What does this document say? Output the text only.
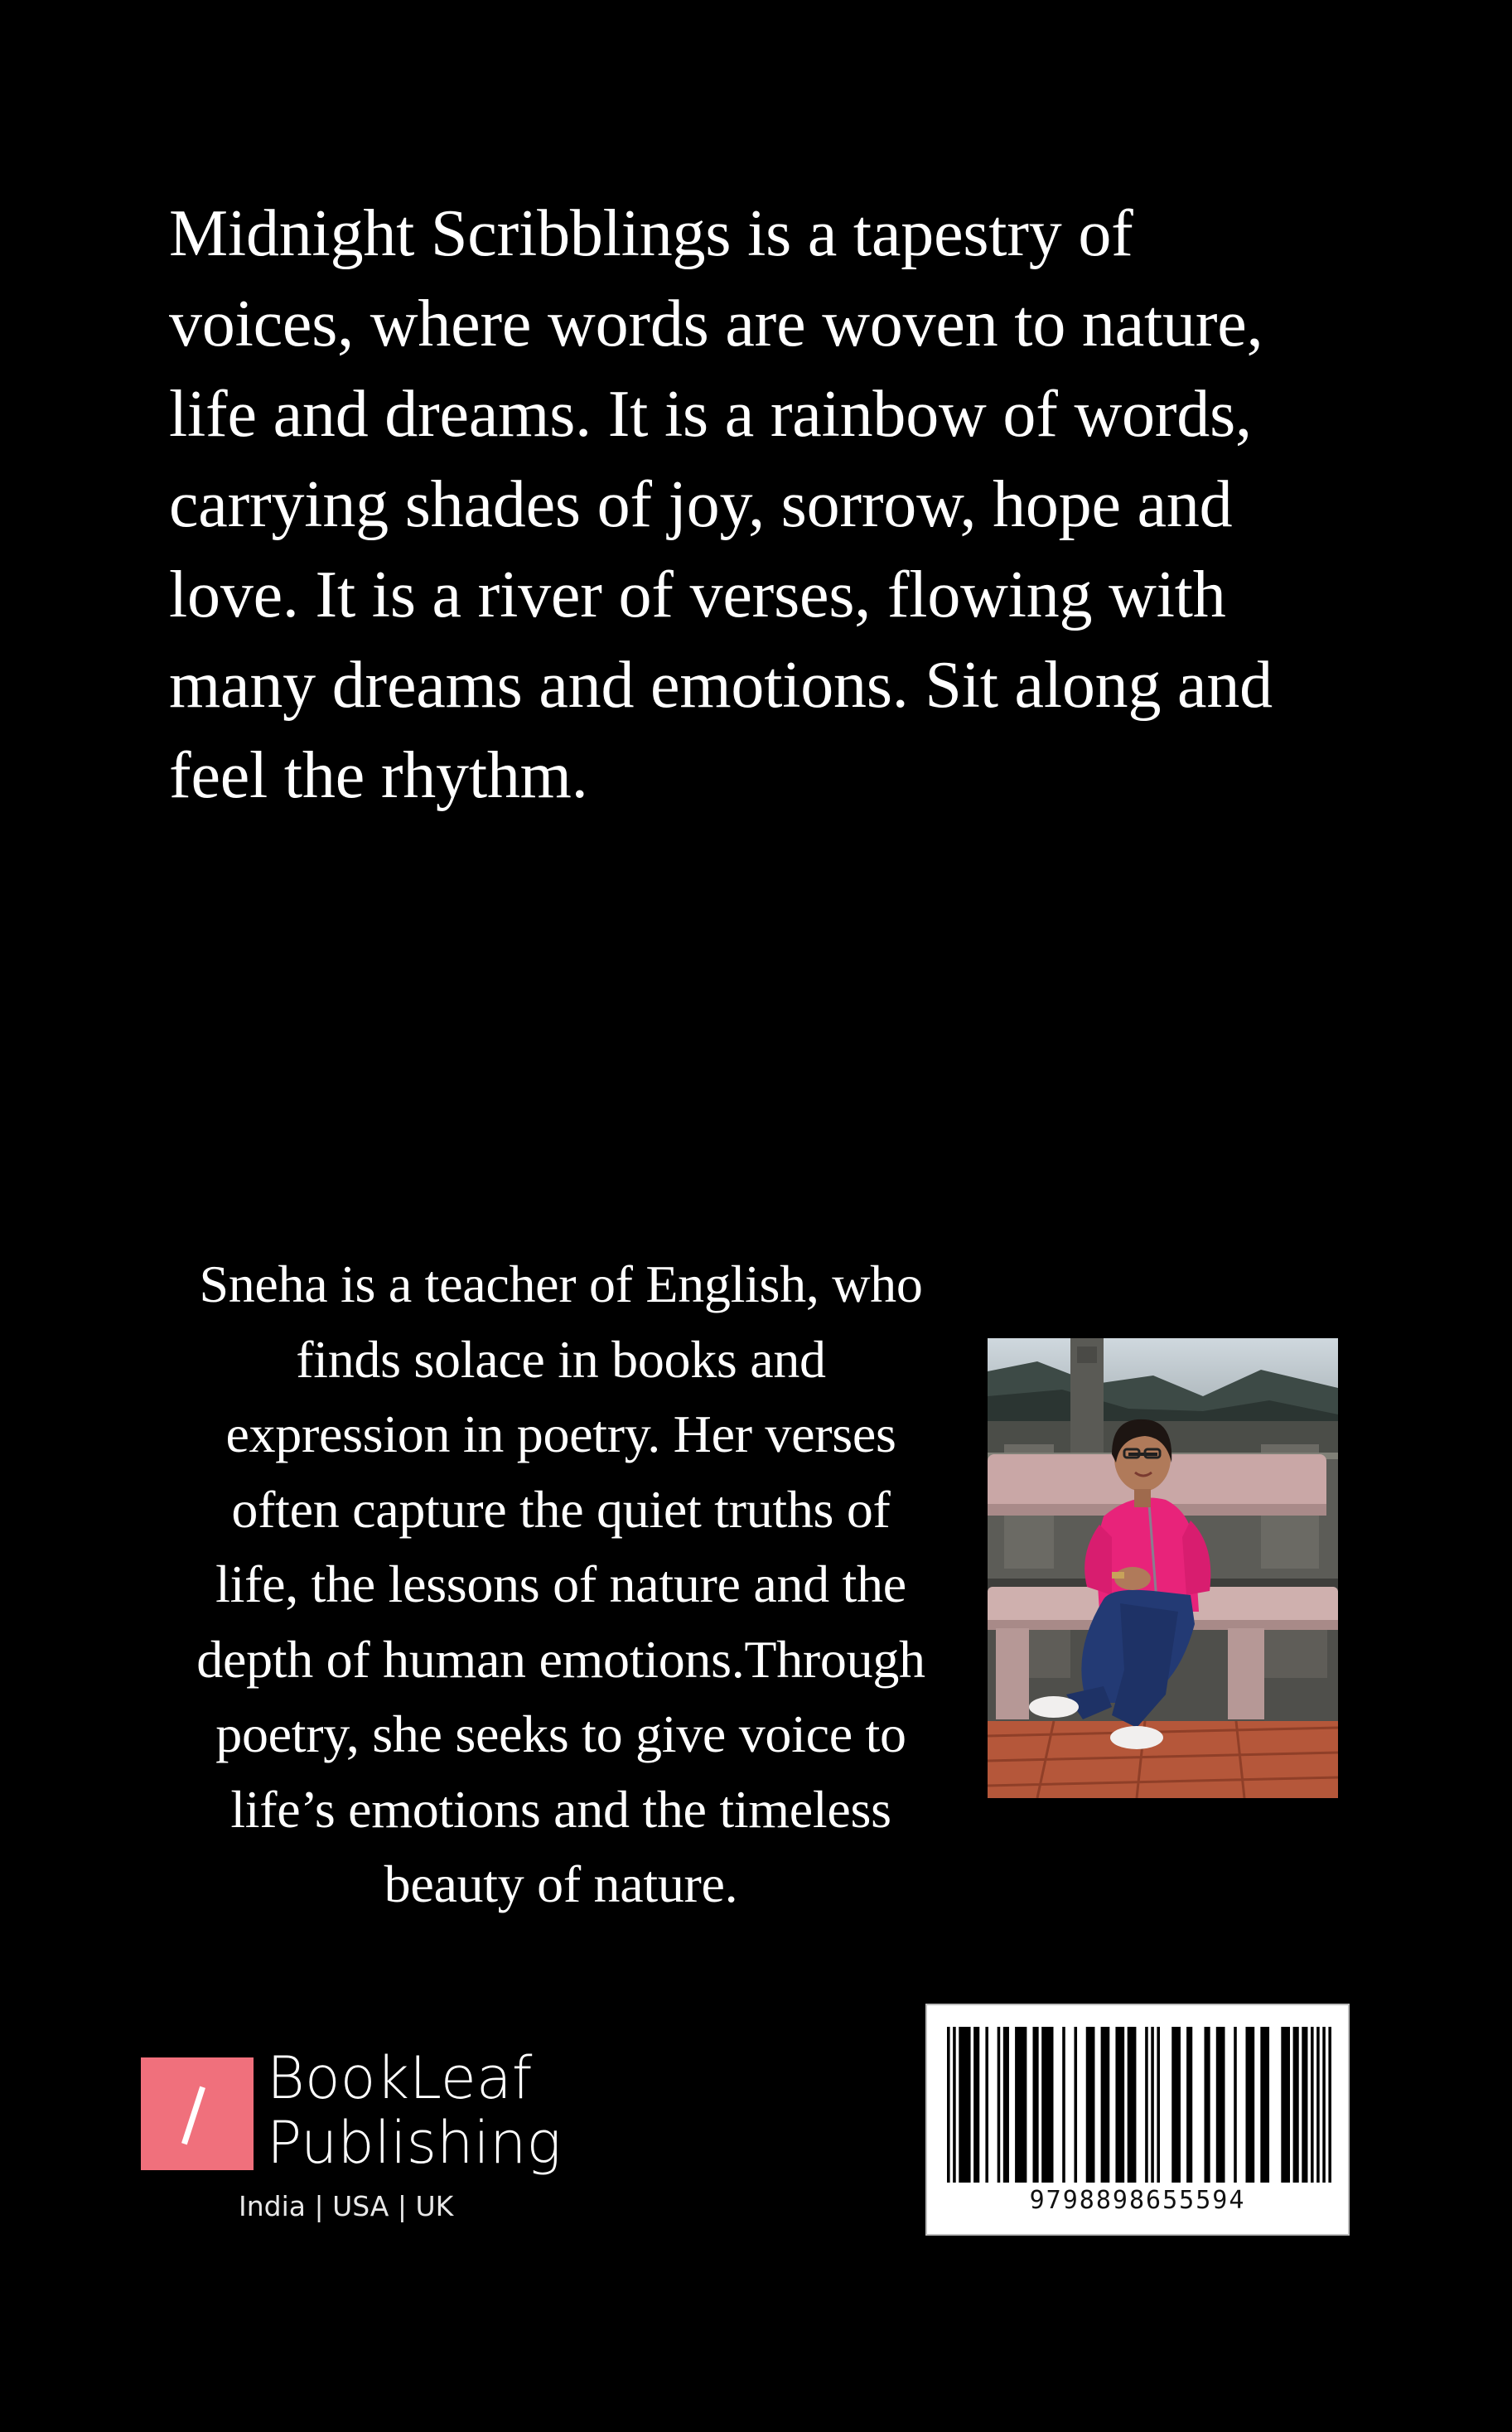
Midnight Scribblings is a tapestry of
voices, where words are woven to nature,
life and dreams. It is a rainbow of words,
carrying shades of joy, sorrow, hope and
love. It is a river of verses, flowing with
many dreams and emotions. Sit along and
feel the rhythm.
Sneha is a teacher of English, who
finds solace in books and
expression in poetry. Her verses
often capture the quiet truths of
life, the lessons of nature and the
depth of human emotions.Through
poetry, she seeks to give voice to
life’s emotions and the timeless
beauty of nature.
BookLeaf
Publishing
India | USA | UK	9798898655594
